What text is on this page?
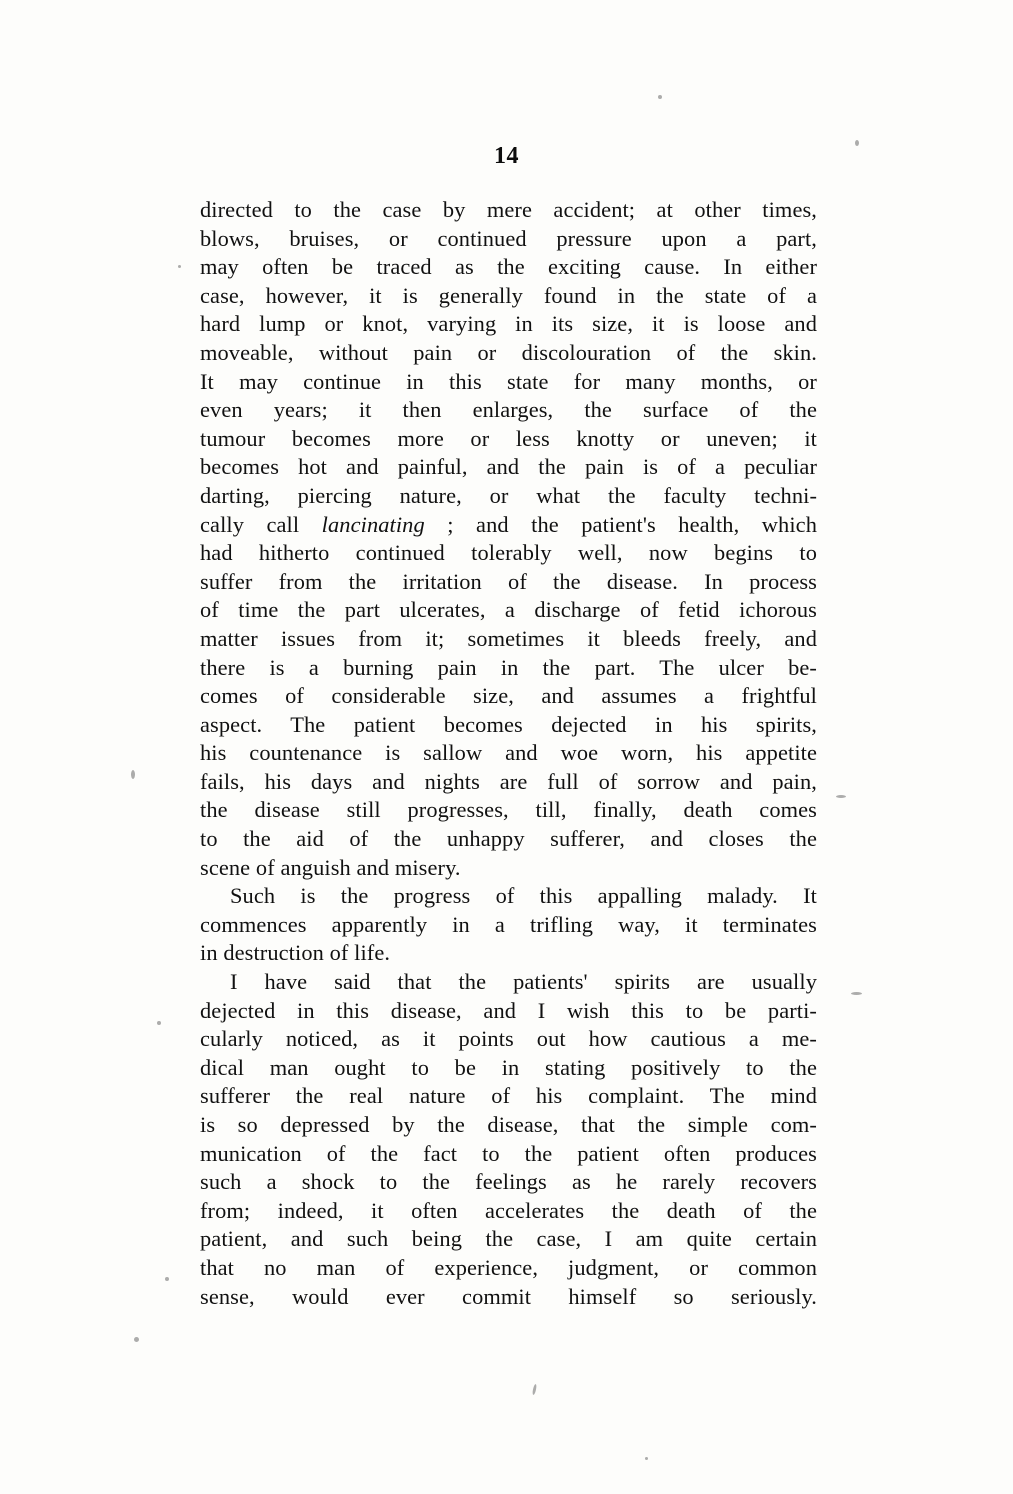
14

directed to the case by mere accident; at other times,
blows, bruises, or continued pressure upon a part,
may often be traced as the exciting cause. In either
case, however, it is generally found in the state of a
hard lump or knot, varying in its size, it is loose and
moveable, without pain or discolouration of the skin.
It may continue in this state for many months, or
even years; it then enlarges, the surface of the
tumour becomes more or less knotty or uneven; it
becomes hot and painful, and the pain is of a peculiar
darting, piercing nature, or what the faculty techni-
cally call lancinating ; and the patient's health, which
had hitherto continued tolerably well, now begins to
suffer from the irritation of the disease. In process
of time the part ulcerates, a discharge of fetid ichorous
matter issues from it; sometimes it bleeds freely, and
there is a burning pain in the part. The ulcer be-
comes of considerable size, and assumes a frightful
aspect. The patient becomes dejected in his spirits,
his countenance is sallow and woe worn, his appetite
fails, his days and nights are full of sorrow and pain,
the disease still progresses, till, finally, death comes
to the aid of the unhappy sufferer, and closes the
scene of anguish and misery.

Such is the progress of this appalling malady. It
commences apparently in a trifling way, it terminates
in destruction of life.

I have said that the patients' spirits are usually
dejected in this disease, and I wish this to be parti-
cularly noticed, as it points out how cautious a me-
dical man ought to be in stating positively to the
sufferer the real nature of his complaint. The mind
is so depressed by the disease, that the simple com-
munication of the fact to the patient often produces
such a shock to the feelings as he rarely recovers
from; indeed, it often accelerates the death of the
patient, and such being the case, I am quite certain
that no man of experience, judgment, or common
sense, would ever commit himself so seriously.
